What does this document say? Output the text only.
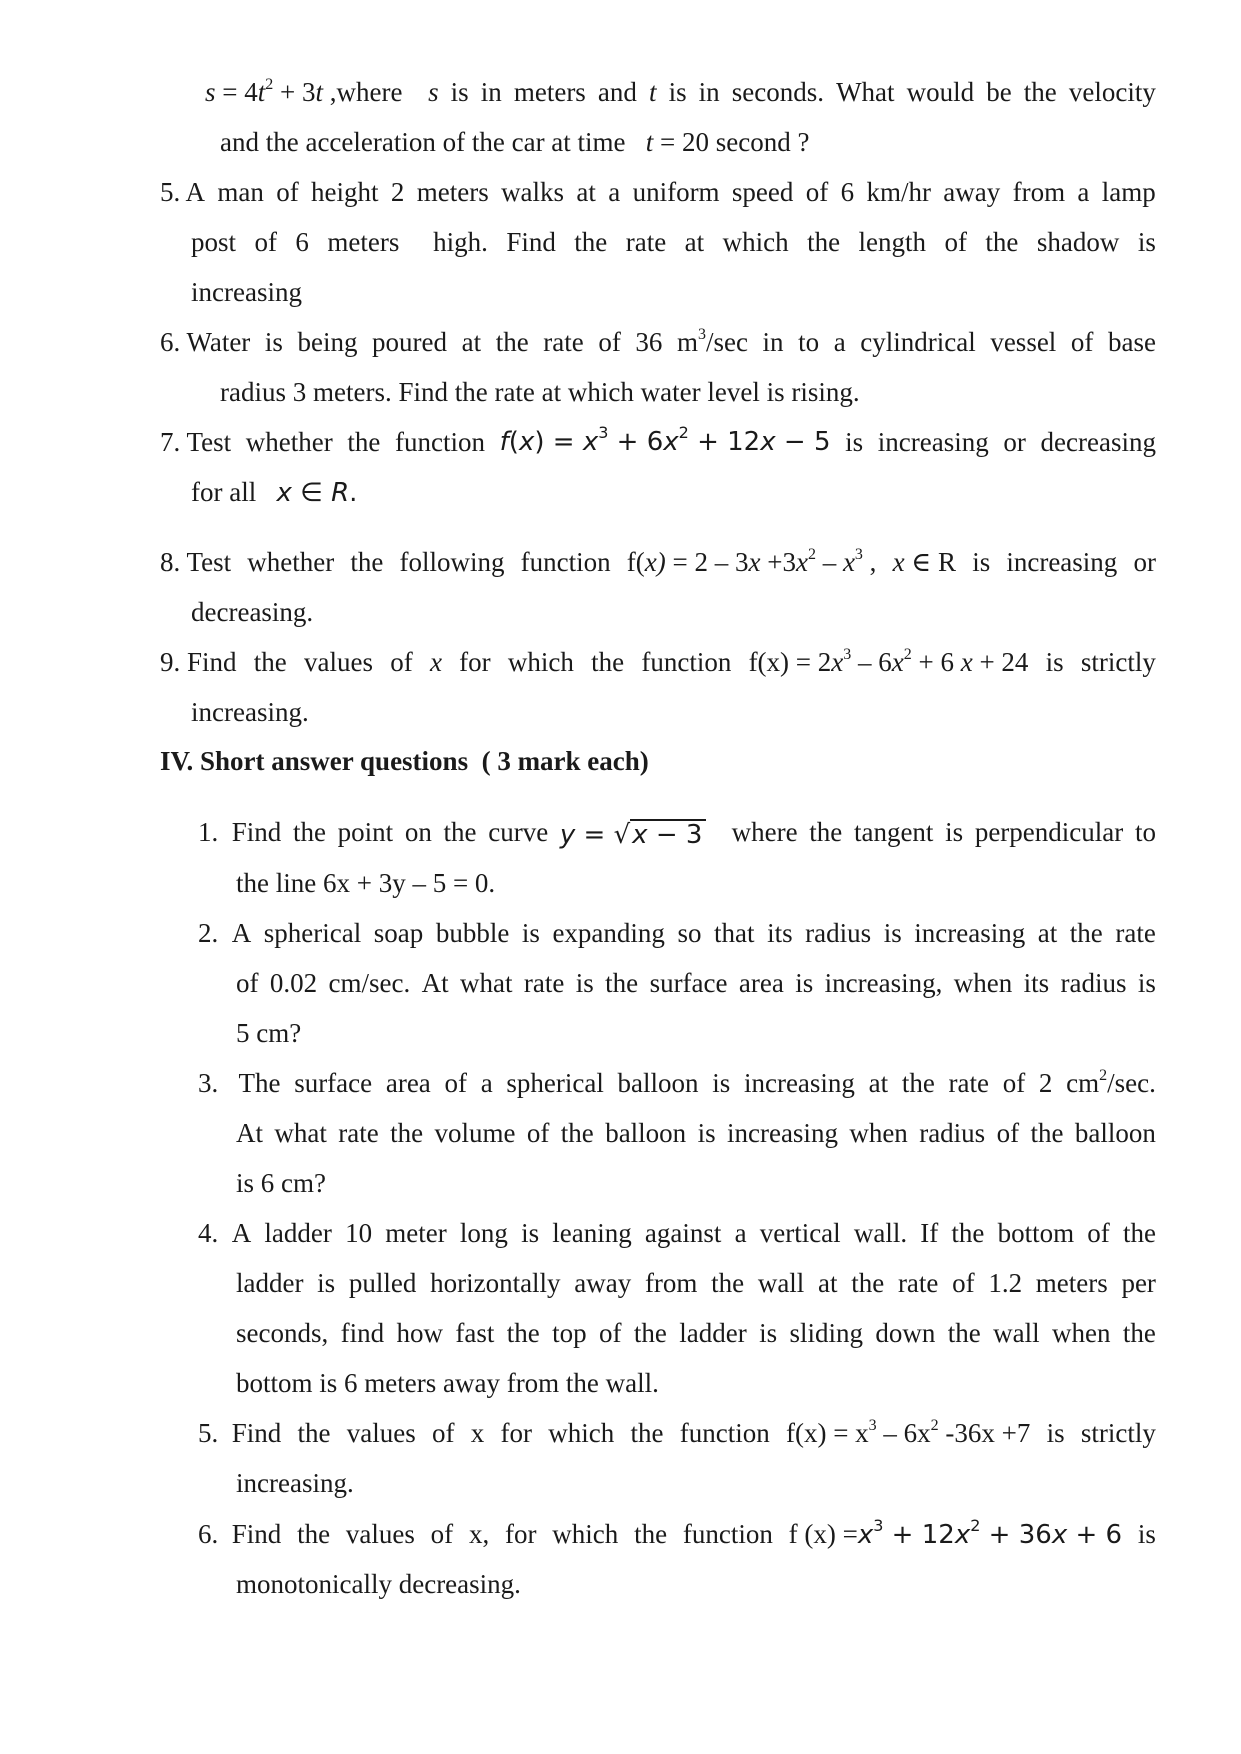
$s = 4t^2 + 3t$ ,where s is in meters and t is in seconds. What would be the velocity
and the acceleration of the car at time   t = 20 second ?
5. A man of height 2 meters walks at a uniform speed of 6 km/hr away from a lamp
post of 6 meters     high. Find the rate at which the length of the shadow is
increasing
6. Water is being poured at the rate of 36 $m^3/\sec$ in to a cylindrical vessel of base
radius 3 meters. Find the rate at which water level is rising.
7. Test whether the function $f(x) = x^3 + 6x^2 + 12x - 5$ is increasing or decreasing
for all   x ∈ R.
8. Test whether the following function $f(x) = 2 - 3x +3x^2 - x^3$ , x ∈ R is increasing or
decreasing.
9. Find the values of x for which the function $f(x) = 2x^3 - 6x^2 + 6$ x + 24 is strictly
increasing.
IV. Short answer questions  ( 3 mark each)
1.  Find the point on the curve y = √x − 3 where the tangent is perpendicular to
the line 6x + 3y – 5 = 0.
2.  A spherical soap bubble is expanding so that its radius is increasing at the rate
of 0.02 cm/sec. At what rate is the surface area is increasing, when its radius is
5 cm?
3.   The surface area of a spherical balloon is increasing at the rate of 2 $cm^2/\sec$.
At what rate the volume of the balloon is increasing when radius of the balloon
is 6 cm?
4.  A ladder 10 meter long is leaning against a vertical wall. If the bottom of the
ladder is pulled horizontally away from the wall at the rate of 1.2 meters per
seconds, find how fast the top of the ladder is sliding down the wall when the
bottom is 6 meters away from the wall.
5.  Find the values of x for which the function $f(x) = x^3 - 6x^2$ -36x +7 is strictly
increasing.
6.  Find the values of x, for which the function f $(x) =x^3 + 12x^2 + 36x + 6$ is
monotonically decreasing.
